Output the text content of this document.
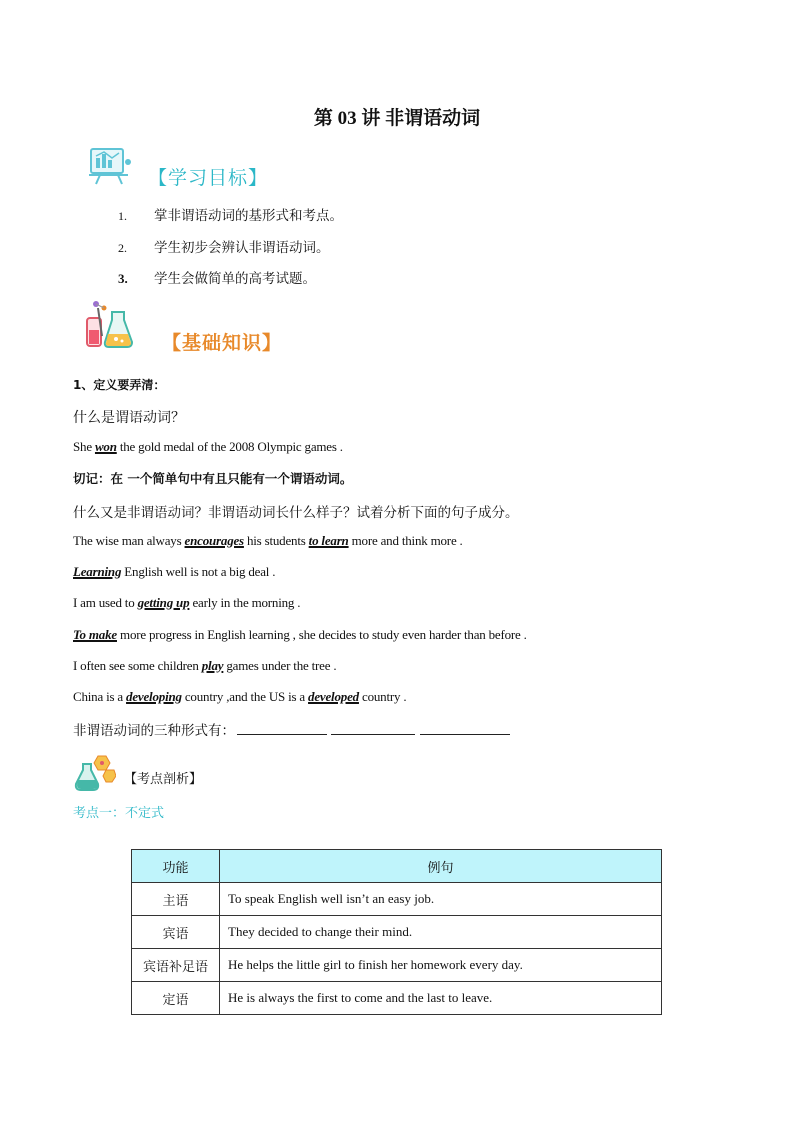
第 03 讲 非谓语动词
【学习目标】
1. 掌非谓语动词的基形式和考点。
2. 学生初步会辨认非谓语动词。
3. 学生会做简单的高考试题。
【基础知识】
1、定义要弄清：
什么是谓语动词？
She won the gold medal of the 2008 Olympic games .
切记：在 一个简单句中有且只能有一个谓语动词。
什么又是非谓语动词？非谓语动词长什么样子？试着分析下面的句子成分。
The wise man always encourages his students to learn more and think more .
Learning English well is not a big deal .
I am used to getting up early in the morning .
To make more progress in English learning , she decides to study even harder than before .
I often see some children play games under the tree .
China is a developing country ,and the US is a developed country .
非谓语动词的三种形式有：
【考点剖析】
考点一：不定式
功能	例句
主语	To speak English well isn’t an easy job.
宾语	They decided to change their mind.
宾语补足语	He helps the little girl to finish her homework every day.
定语	He is always the first to come and the last to leave.
